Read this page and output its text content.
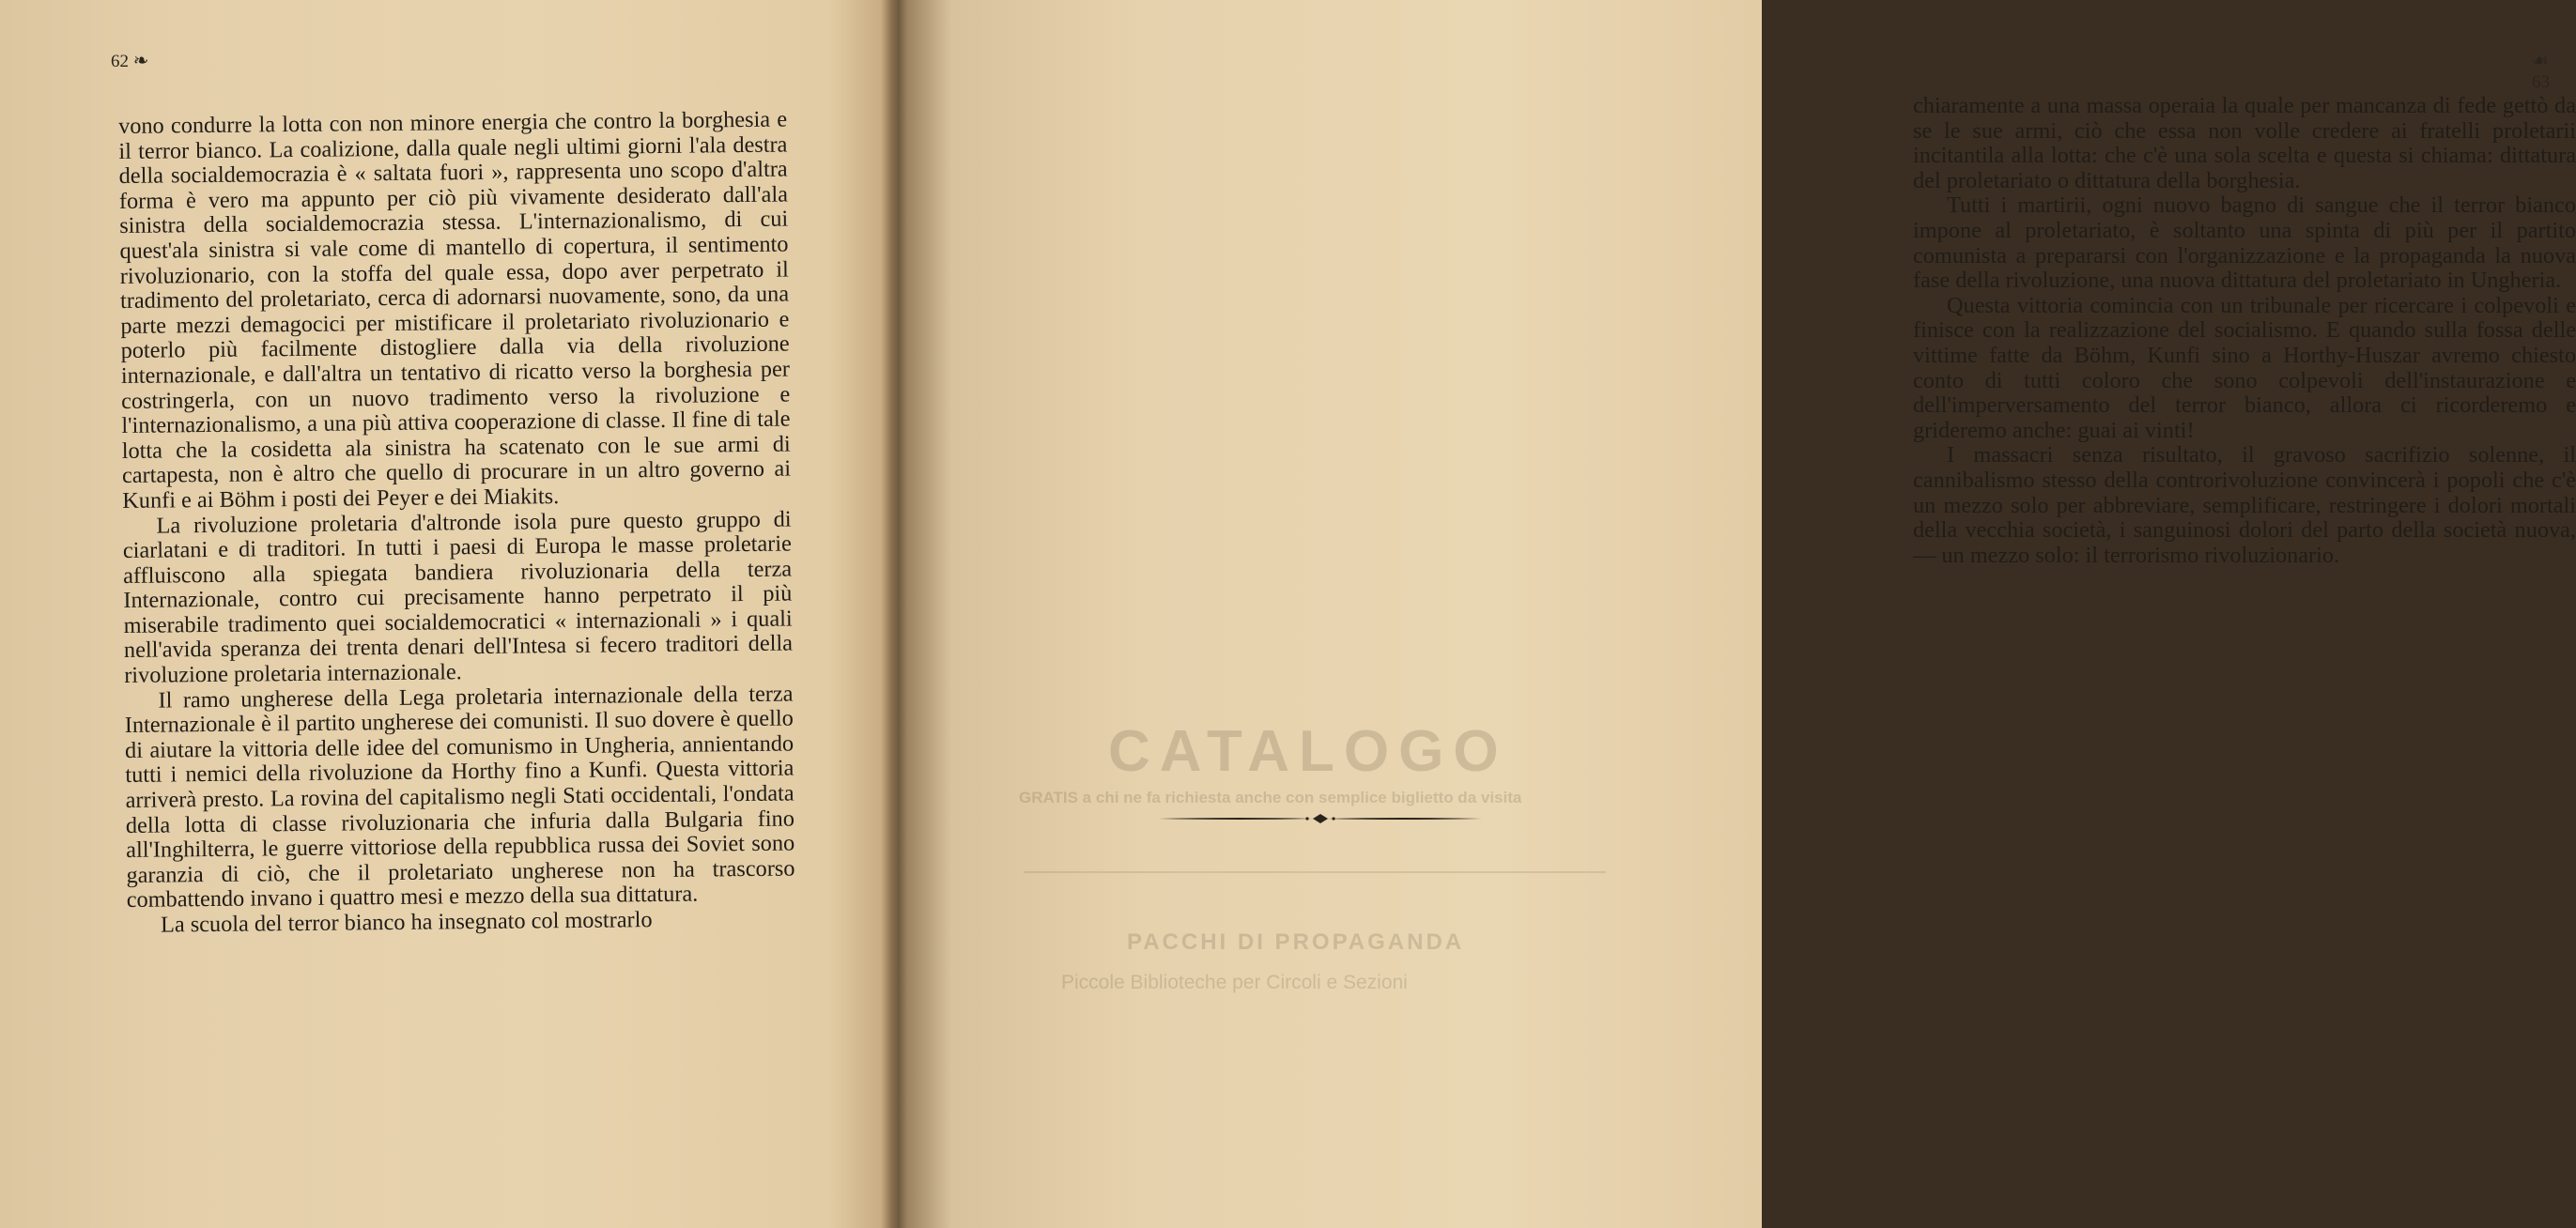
CATALOGO
GRATIS a chi ne fa richiesta anche con semplice biglietto da visita
PACCHI DI PROPAGANDA
Piccole Biblioteche per Circoli e Sezioni
62 ❧

vono condurre la lotta con non minore energia che contro la borghesia e il terror bianco. La coalizione, dalla quale negli ultimi giorni l'ala destra della socialdemocrazia è « saltata fuori », rappresenta uno scopo d'altra forma è vero ma appunto per ciò più vivamente desiderato dall'ala sinistra della socialdemocrazia stessa. L'internazionalismo, di cui quest'ala sinistra si vale come di mantello di copertura, il sentimento rivoluzionario, con la stoffa del quale essa, dopo aver perpetrato il tradimento del proletariato, cerca di adornarsi nuovamente, sono, da una parte mezzi demagocici per mistificare il proletariato rivoluzionario e poterlo più facilmente distogliere dalla via della rivoluzione internazionale, e dall'altra un tentativo di ricatto verso la borghesia per costringerla, con un nuovo tradimento verso la rivoluzione e l'internazionalismo, a una più attiva cooperazione di classe. Il fine di tale lotta che la cosidetta ala sinistra ha scatenato con le sue armi di cartapesta, non è altro che quello di procurare in un altro governo ai Kunfi e ai Böhm i posti dei Peyer e dei Miakits.

La rivoluzione proletaria d'altronde isola pure questo gruppo di ciarlatani e di traditori. In tutti i paesi di Europa le masse proletarie affluiscono alla spiegata bandiera rivoluzionaria della terza Internazionale, contro cui precisamente hanno perpetrato il più miserabile tradimento quei socialdemocratici « internazionali » i quali nell'avida speranza dei trenta denari dell'Intesa si fecero traditori della rivoluzione proletaria internazionale.

Il ramo ungherese della Lega proletaria internazionale della terza Internazionale è il partito ungherese dei comunisti. Il suo dovere è quello di aiutare la vittoria delle idee del comunismo in Ungheria, annientando tutti i nemici della rivoluzione da Horthy fino a Kunfi. Questa vittoria arriverà presto. La rovina del capitalismo negli Stati occidentali, l'ondata della lotta di classe rivoluzionaria che infuria dalla Bulgaria fino all'Inghilterra, le guerre vittoriose della repubblica russa dei Soviet sono garanzia di ciò, che il proletariato ungherese non ha trascorso combattendo invano i quattro mesi e mezzo della sua dittatura.

La scuola del terror bianco ha insegnato col mostrarlo

☙ 63

chiaramente a una massa operaia la quale per mancanza di fede gettò da se le sue armi, ciò che essa non volle credere ai fratelli proletarii incitantila alla lotta: che c'è una sola scelta e questa si chiama: dittatura del proletariato o dittatura della borghesia.

Tutti i martirii, ogni nuovo bagno di sangue che il terror bianco impone al proletariato, è soltanto una spinta di più per il partito comunista a prepararsi con l'organizzazione e la propaganda la nuova fase della rivoluzione, una nuova dittatura del proletariato in Ungheria.

Questa vittoria comincia con un tribunale per ricercare i colpevoli e finisce con la realizzazione del socialismo. E quando sulla fossa delle vittime fatte da Böhm, Kunfi sino a Horthy-Huszar avremo chiesto conto di tutti coloro che sono colpevoli dell'instaurazione e dell'imperversamento del terror bianco, allora ci ricorderemo e grideremo anche: guai ai vinti!

I massacri senza risultato, il gravoso sacrifizio solenne, il cannibalismo stesso della controrivoluzione convincerà i popoli che c'è un mezzo solo per abbreviare, semplificare, restringere i dolori mortali della vecchia società, i sanguinosi dolori del parto della società nuova, — un mezzo solo: il terrorismo rivoluzionario.
